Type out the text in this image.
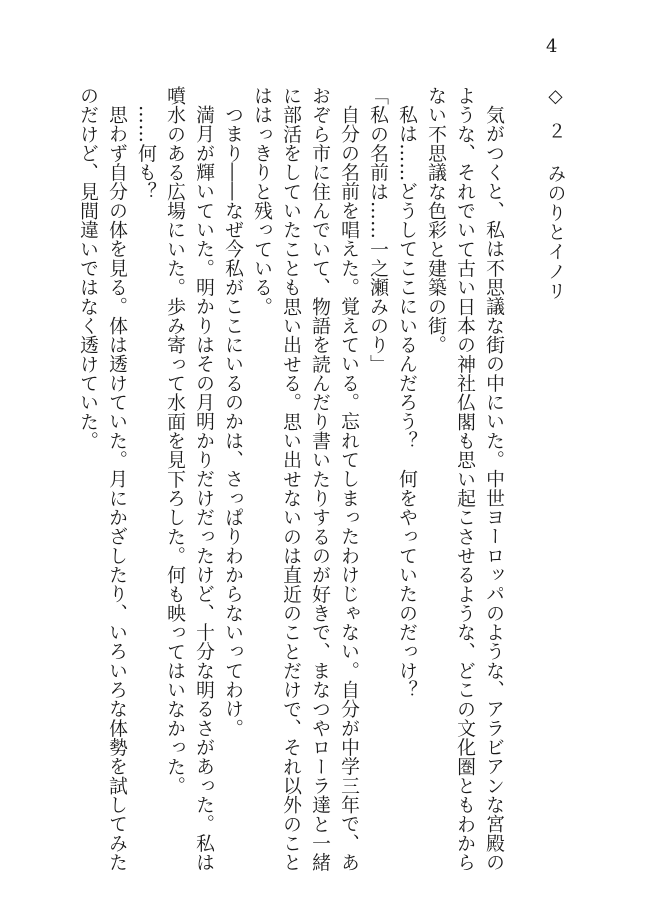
4
◇ ２ みのりとイノリ

気がつくと、私は不思議な街の中にいた。中世ヨーロッパのような、アラビアンな宮殿のような、それでいて古い日本の神社仏閣も思い起こさせるような、どこの文化圏ともわからない不思議な色彩と建築の街。

私は……どうしてここにいるんだろう？　何をやっていたのだっけ？

「私の名前は……一之瀬みのり」

自分の名前を唱えた。覚えている。忘れてしまったわけじゃない。自分が中学三年で、あおぞら市に住んでいて、物語を読んだり書いたりするのが好きで、まなつやローラ達と一緒に部活をしていたことも思い出せる。思い出せないのは直近のことだけで、それ以外のことははっきりと残っている。

つまり――なぜ今私がここにいるのかは、さっぱりわからないってわけ。

満月が輝いていた。明かりはその月明かりだけだったけど、十分な明るさがあった。私は噴水のある広場にいた。歩み寄って水面を見下ろした。何も映ってはいなかった。

……何も？

思わず自分の体を見る。体は透けていた。月にかざしたり、いろいろな体勢を試してみたのだけど、見間違いではなく透けていた。
